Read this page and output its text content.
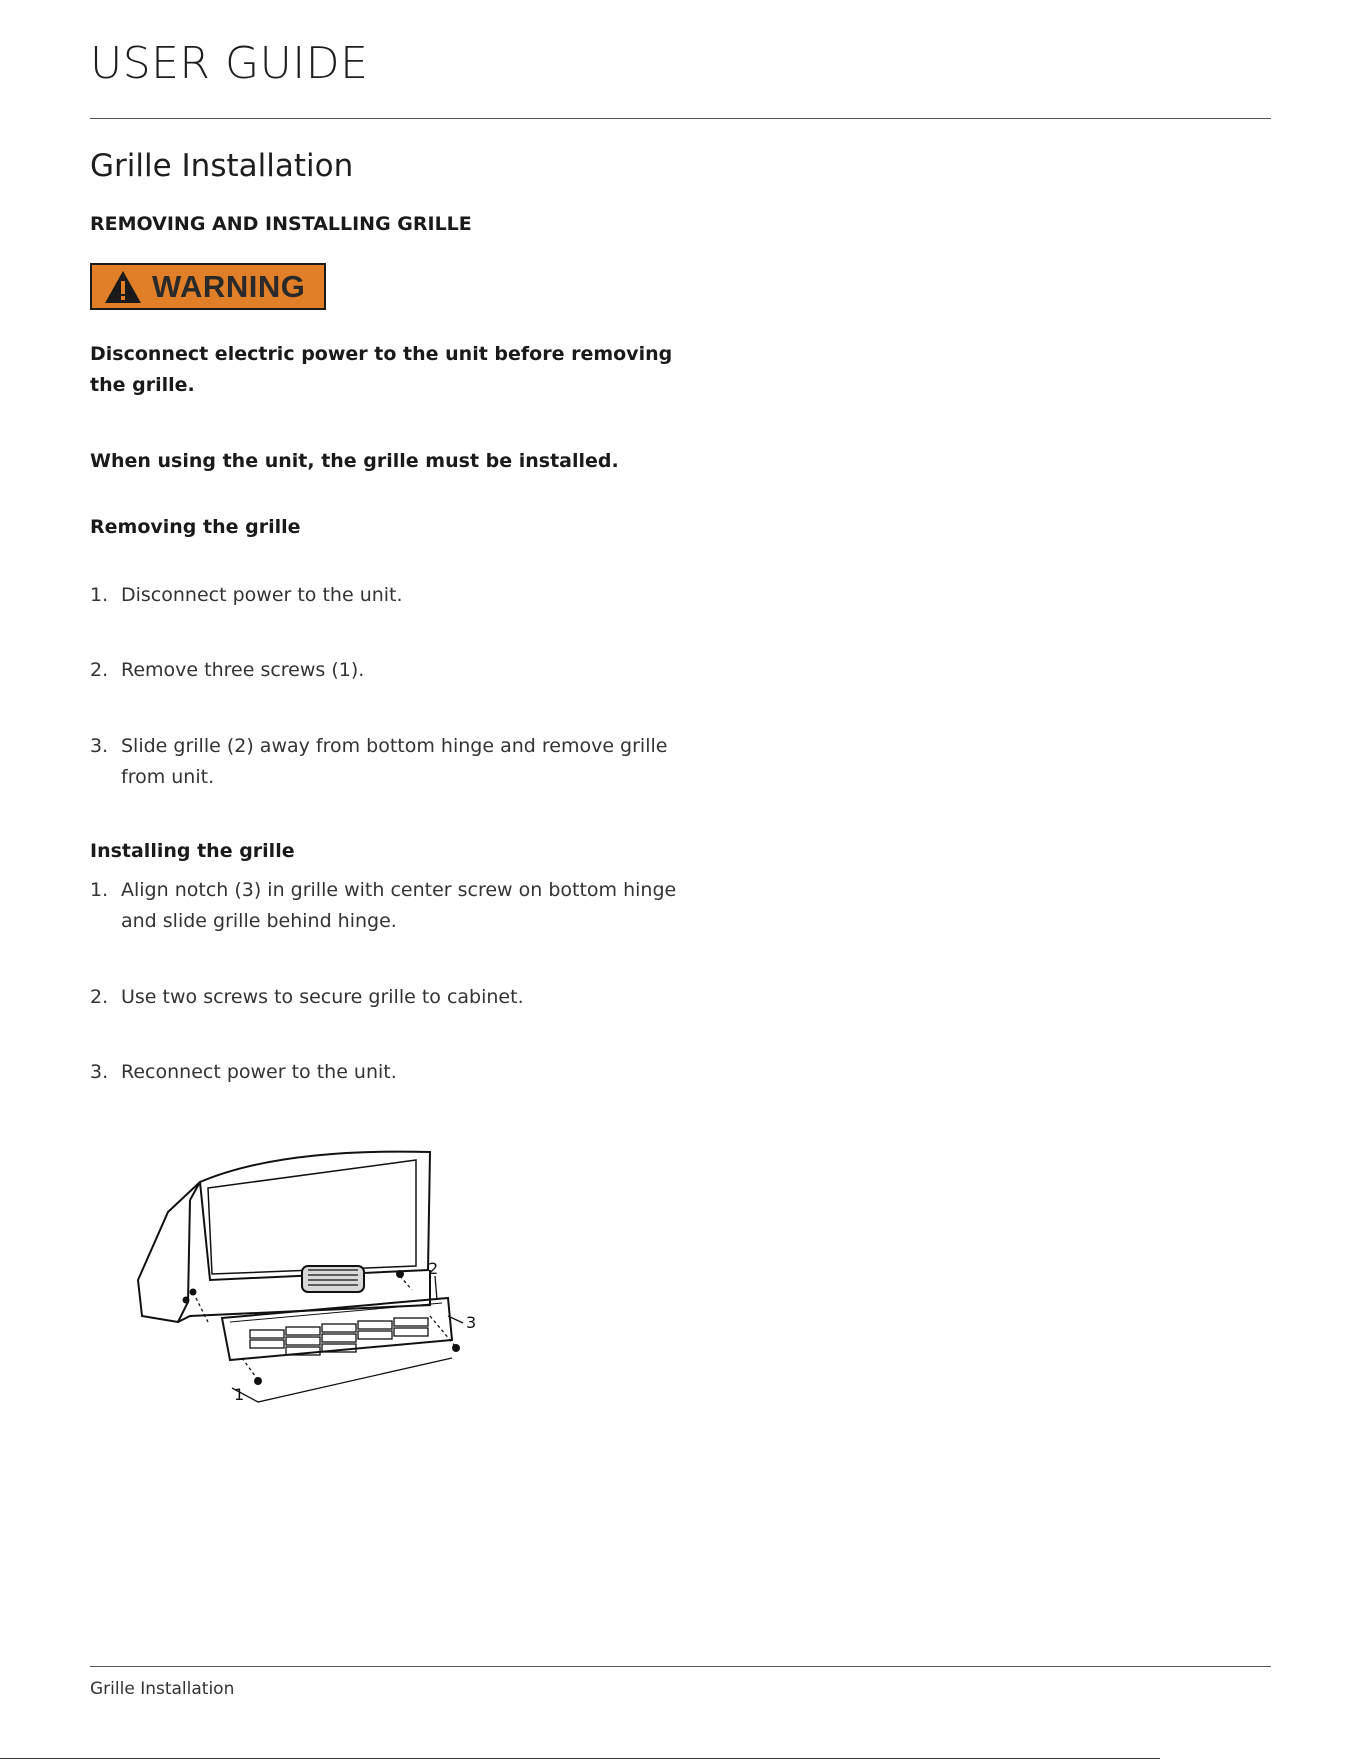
USER GUIDE
Grille Installation
REMOVING AND INSTALLING GRILLE
WARNING
Disconnect electric power to the unit before removing the grille.
When using the unit, the grille must be installed.
Removing the grille
1. Disconnect power to the unit.
2. Remove three screws (1).
3. Slide grille (2) away from bottom hinge and remove grille from unit.
Installing the grille
1. Align notch (3) in grille with center screw on bottom hinge and slide grille behind hinge.
2. Use two screws to secure grille to cabinet.
3. Reconnect power to the unit.
1
2
3
Grille Installation
